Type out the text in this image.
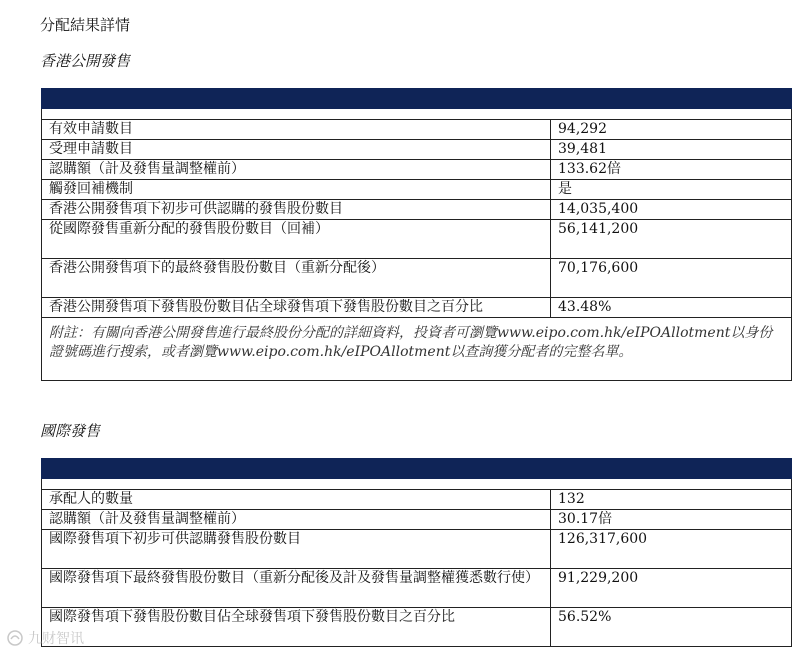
分配結果詳情
香港公開發售

有效申請數目	94,292
受理申請數目	39,481
認購額（計及發售量調整權前）	133.62倍
觸發回補機制	是
香港公開發售項下初步可供認購的發售股份數目	14,035,400
從國際發售重新分配的發售股份數目（回補）	56,141,200
香港公開發售項下的最終發售股份數目（重新分配後）	70,176,600
香港公開發售項下發售股份數目佔全球發售項下發售股份數目之百分比	43.48%
附註：有關向香港公開發售進行最終股份分配的詳細資料，投資者可瀏覽www.eipo.com.hk/eIPOAllotment以身份證號碼進行搜索，或者瀏覽www.eipo.com.hk/eIPOAllotment以查詢獲分配者的完整名單。	
國際發售

承配人的數量	132
認購額（計及發售量調整權前）	30.17倍
國際發售項下初步可供認購發售股份數目	126,317,600
國際發售項下最終發售股份數目（重新分配後及計及發售量調整權獲悉數行使）	91,229,200
國際發售項下發售股份數目佔全球發售項下發售股份數目之百分比	56.52%
九财智讯
